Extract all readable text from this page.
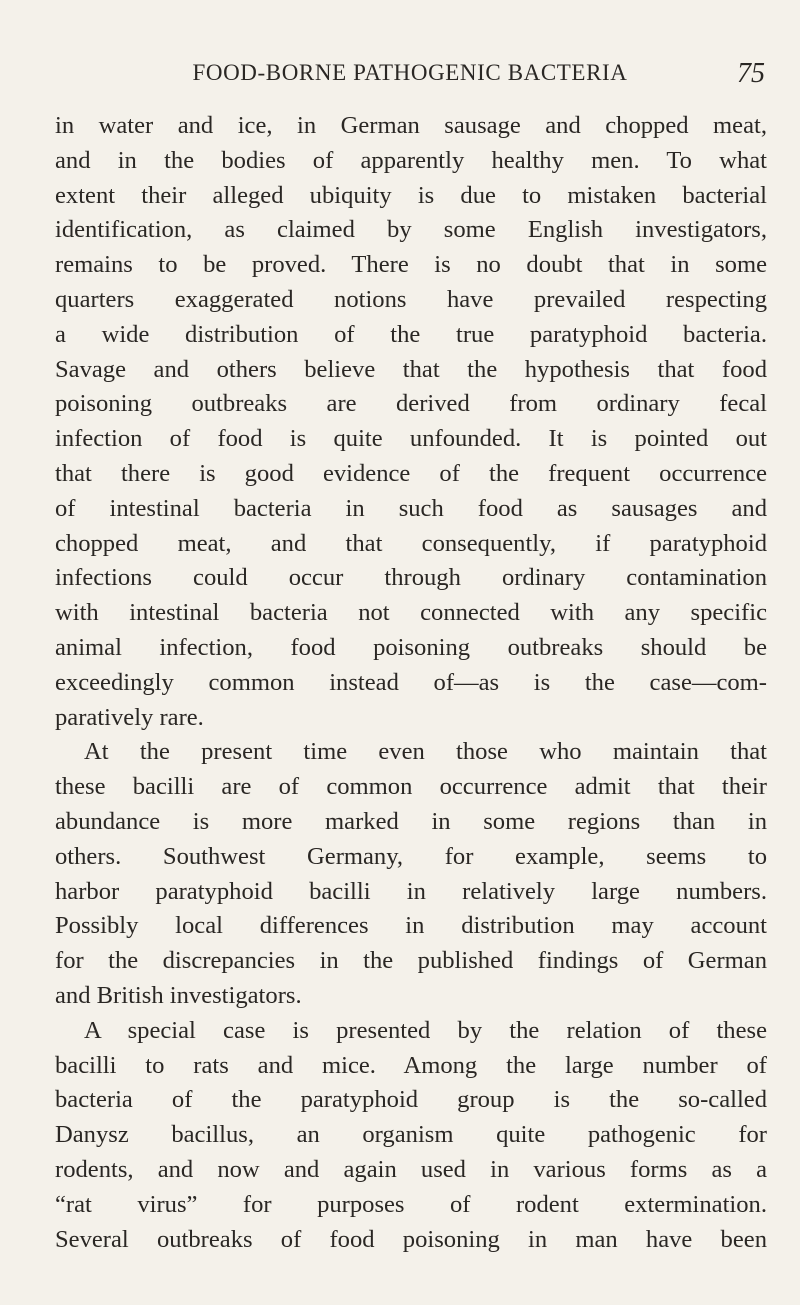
FOOD-BORNE PATHOGENIC BACTERIA	75
in water and ice, in German sausage and chopped meat,
and in the bodies of apparently healthy men. To what
extent their alleged ubiquity is due to mistaken bacterial
identification, as claimed by some English investigators,
remains to be proved. There is no doubt that in some
quarters exaggerated notions have prevailed respecting
a wide distribution of the true paratyphoid bacteria.
Savage and others believe that the hypothesis that food
poisoning outbreaks are derived from ordinary fecal
infection of food is quite unfounded. It is pointed out
that there is good evidence of the frequent occurrence
of intestinal bacteria in such food as sausages and
chopped meat, and that consequently, if paratyphoid
infections could occur through ordinary contamination
with intestinal bacteria not connected with any specific
animal infection, food poisoning outbreaks should be
exceedingly common instead of—as is the case—com-
paratively rare.
At the present time even those who maintain that
these bacilli are of common occurrence admit that their
abundance is more marked in some regions than in
others. Southwest Germany, for example, seems to
harbor paratyphoid bacilli in relatively large numbers.
Possibly local differences in distribution may account
for the discrepancies in the published findings of German
and British investigators.
A special case is presented by the relation of these
bacilli to rats and mice. Among the large number of
bacteria of the paratyphoid group is the so-called
Danysz bacillus, an organism quite pathogenic for
rodents, and now and again used in various forms as a
“rat virus” for purposes of rodent extermination.
Several outbreaks of food poisoning in man have been
